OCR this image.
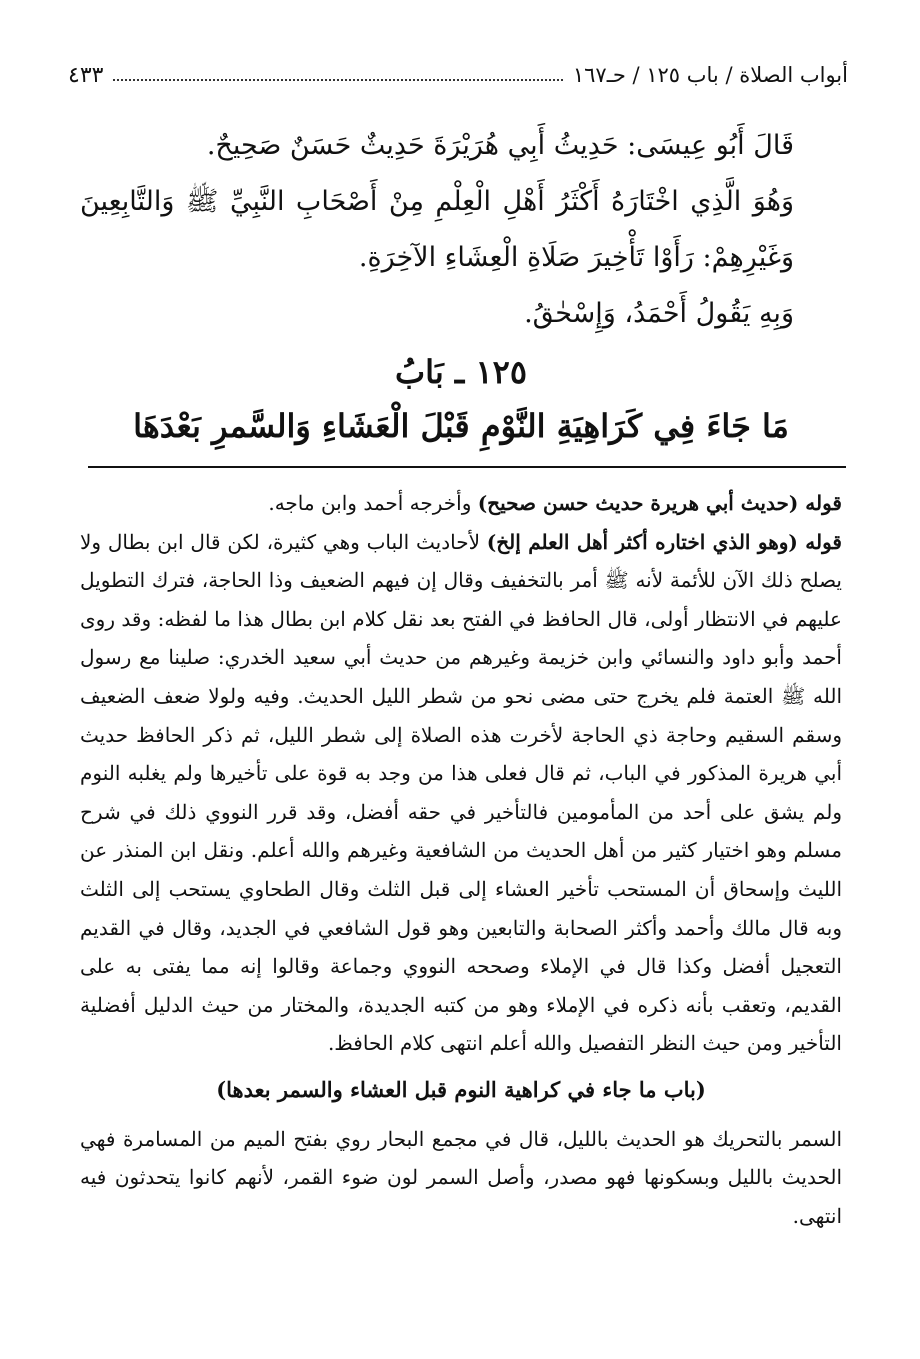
أبواب الصلاة / باب ١٢٥ / حـ١٦٧
٤٣٣

قَالَ أَبُو عِيسَى: حَدِيثُ أَبِي هُرَيْرَةَ حَدِيثٌ حَسَنٌ صَحِيحٌ.

وَهُوَ الَّذِي اخْتَارَهُ أَكْثَرُ أَهْلِ الْعِلْمِ مِنْ أَصْحَابِ النَّبِيِّ ﷺ وَالتَّابِعِينَ وَغَيْرِهِمْ: رَأَوْا تَأْخِيرَ صَلَاةِ الْعِشَاءِ الآخِرَةِ.

وَبِهِ يَقُولُ أَحْمَدُ، وَإِسْحٰقُ.

١٢٥ ـ بَابُ
مَا جَاءَ فِي كَرَاهِيَةِ النَّوْمِ قَبْلَ الْعَشَاءِ وَالسَّمرِ بَعْدَهَا

قوله (حديث أبي هريرة حديث حسن صحيح) وأخرجه أحمد وابن ماجه.

قوله (وهو الذي اختاره أكثر أهل العلم إلخ) لأحاديث الباب وهي كثيرة، لكن قال ابن بطال ولا يصلح ذلك الآن للأئمة لأنه ﷺ أمر بالتخفيف وقال إن فيهم الضعيف وذا الحاجة، فترك التطويل عليهم في الانتظار أولى، قال الحافظ في الفتح بعد نقل كلام ابن بطال هذا ما لفظه: وقد روى أحمد وأبو داود والنسائي وابن خزيمة وغيرهم من حديث أبي سعيد الخدري: صلينا مع رسول الله ﷺ العتمة فلم يخرج حتى مضى نحو من شطر الليل الحديث. وفيه ولولا ضعف الضعيف وسقم السقيم وحاجة ذي الحاجة لأخرت هذه الصلاة إلى شطر الليل، ثم ذكر الحافظ حديث أبي هريرة المذكور في الباب، ثم قال فعلى هذا من وجد به قوة على تأخيرها ولم يغلبه النوم ولم يشق على أحد من المأمومين فالتأخير في حقه أفضل، وقد قرر النووي ذلك في شرح مسلم وهو اختيار كثير من أهل الحديث من الشافعية وغيرهم والله أعلم. ونقل ابن المنذر عن الليث وإسحاق أن المستحب تأخير العشاء إلى قبل الثلث وقال الطحاوي يستحب إلى الثلث وبه قال مالك وأحمد وأكثر الصحابة والتابعين وهو قول الشافعي في الجديد، وقال في القديم التعجيل أفضل وكذا قال في الإملاء وصححه النووي وجماعة وقالوا إنه مما يفتى به على القديم، وتعقب بأنه ذكره في الإملاء وهو من كتبه الجديدة، والمختار من حيث الدليل أفضلية التأخير ومن حيث النظر التفصيل والله أعلم انتهى كلام الحافظ.

(باب ما جاء في كراهية النوم قبل العشاء والسمر بعدها)

السمر بالتحريك هو الحديث بالليل، قال في مجمع البحار روي بفتح الميم من المسامرة فهي الحديث بالليل وبسكونها فهو مصدر، وأصل السمر لون ضوء القمر، لأنهم كانوا يتحدثون فيه انتهى.
